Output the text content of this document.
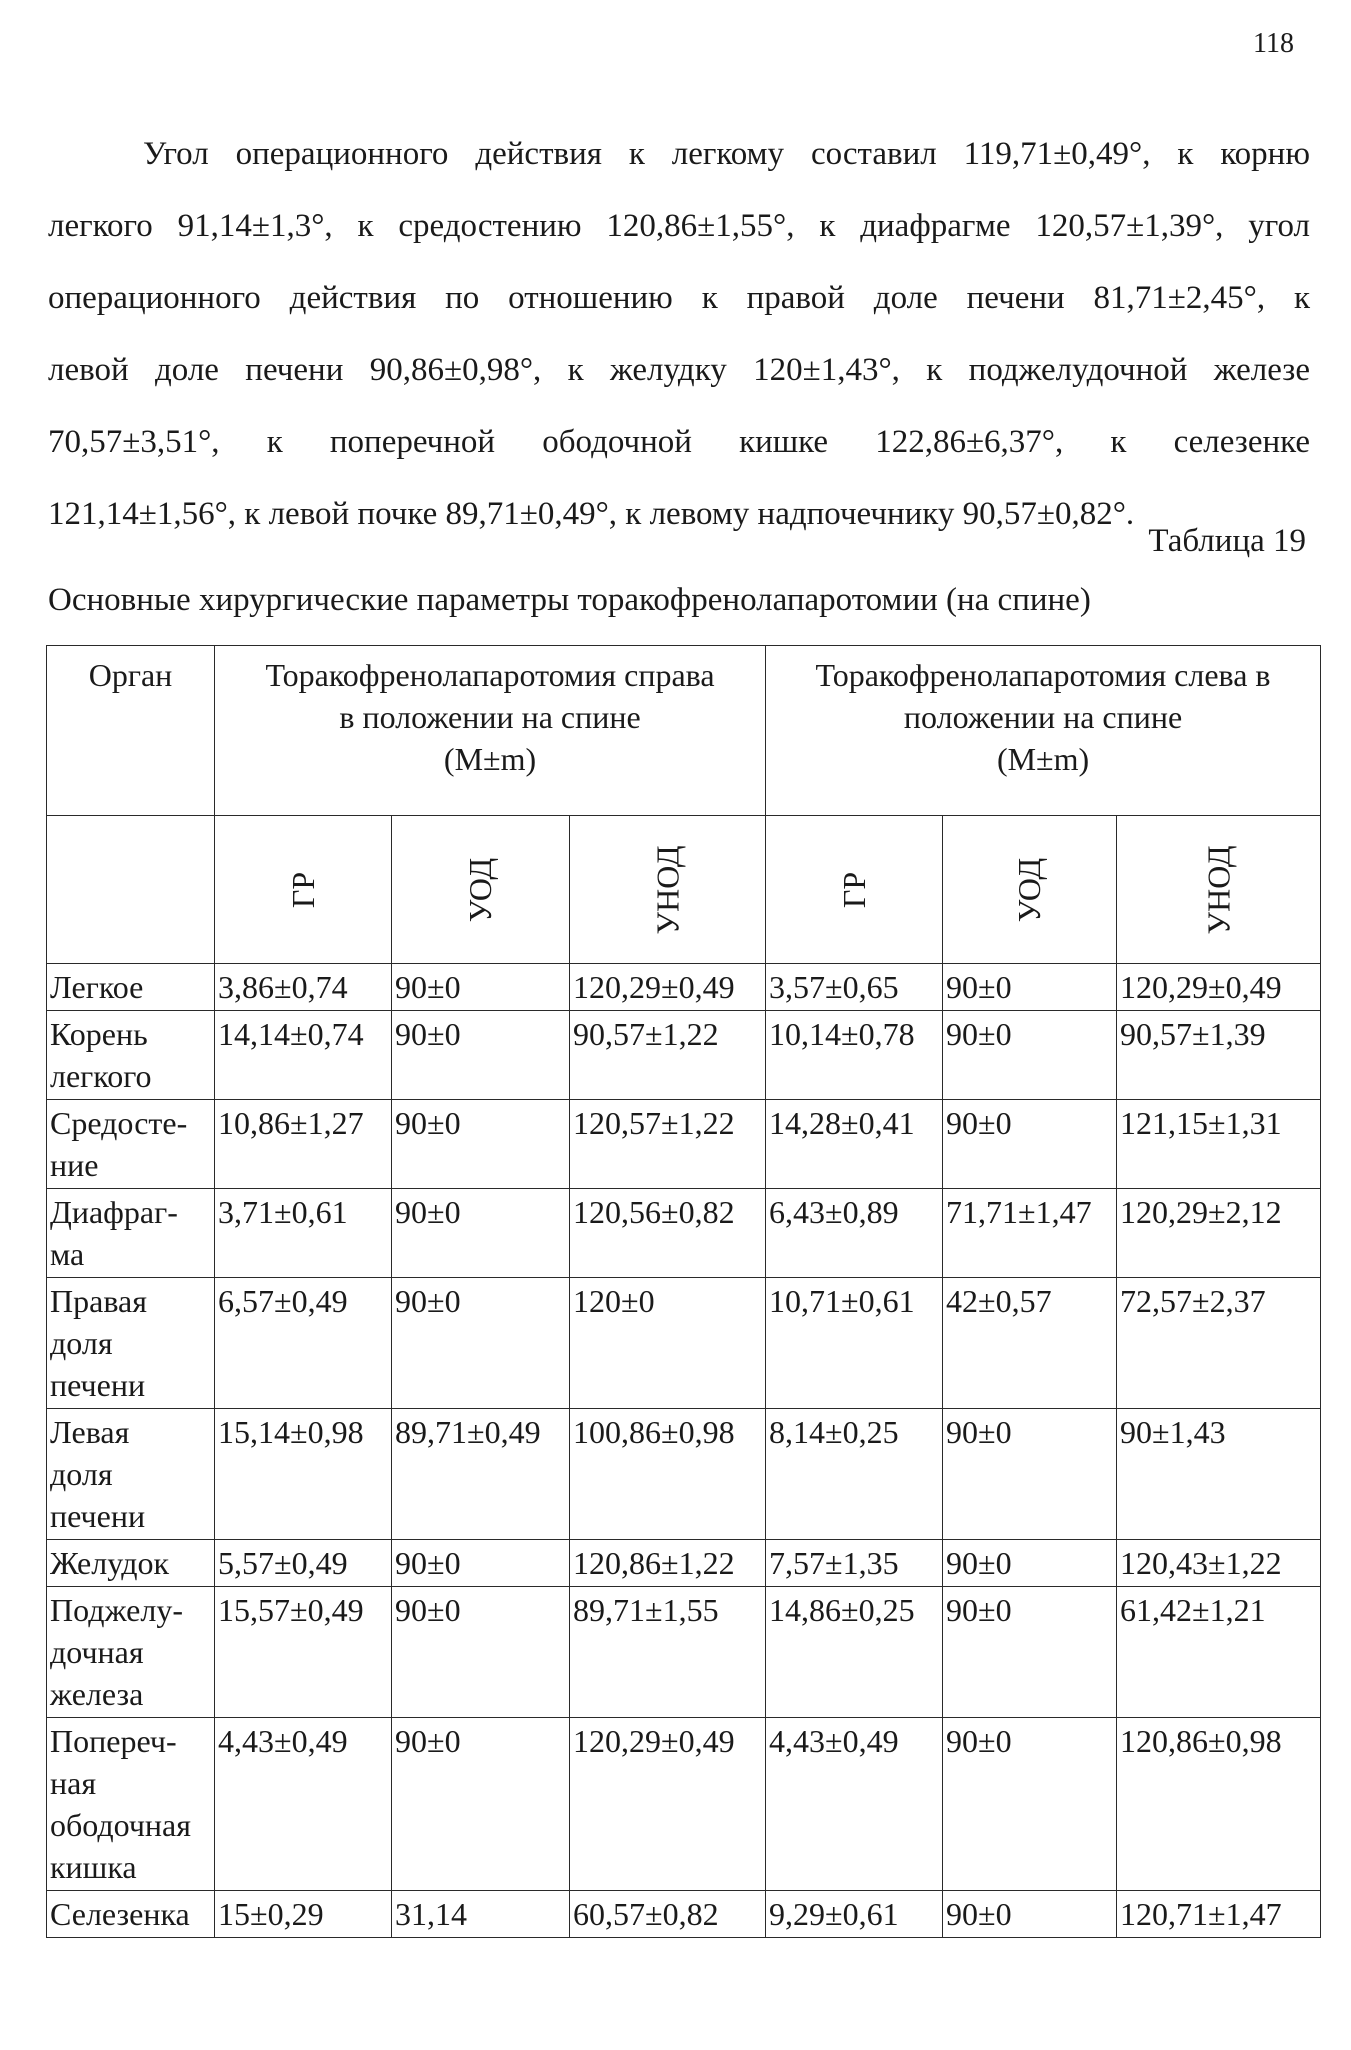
118

Угол операционного действия к легкому составил 119,71±0,49°, к корню
легкого 91,14±1,3°, к средостению 120,86±1,55°, к диафрагме 120,57±1,39°, угол
операционного действия по отношению к правой доле печени 81,71±2,45°, к
левой доле печени 90,86±0,98°, к желудку 120±1,43°, к поджелудочной железе
70,57±3,51°, к поперечной ободочной кишке 122,86±6,37°, к селезенке
121,14±1,56°, к левой почке 89,71±0,49°, к левому надпочечнику 90,57±0,82°.

Таблица 19
Основные хирургические параметры торакофренолапаротомии (на спине)
Орган	Торакофренолапаротомия справа
в положении на спине
(M±m)			Торакофренолапаротомия слева в
положении на спине
(M±m)		
	ГР	УОД	УНОД	ГР	УОД	УНОД
Легкое	3,86±0,74	90±0	120,29±0,49	3,57±0,65	90±0	120,29±0,49
Корень
легкого	14,14±0,74	90±0	90,57±1,22	10,14±0,78	90±0	90,57±1,39
Средосте-
ние	10,86±1,27	90±0	120,57±1,22	14,28±0,41	90±0	121,15±1,31
Диафраг-
ма	3,71±0,61	90±0	120,56±0,82	6,43±0,89	71,71±1,47	120,29±2,12
Правая
доля
печени	6,57±0,49	90±0	120±0	10,71±0,61	42±0,57	72,57±2,37
Левая
доля
печени	15,14±0,98	89,71±0,49	100,86±0,98	8,14±0,25	90±0	90±1,43
Желудок	5,57±0,49	90±0	120,86±1,22	7,57±1,35	90±0	120,43±1,22
Поджелу-
дочная
железа	15,57±0,49	90±0	89,71±1,55	14,86±0,25	90±0	61,42±1,21
Попереч-
ная
ободочная
кишка	4,43±0,49	90±0	120,29±0,49	4,43±0,49	90±0	120,86±0,98
Селезенка	15±0,29	31,14	60,57±0,82	9,29±0,61	90±0	120,71±1,47
